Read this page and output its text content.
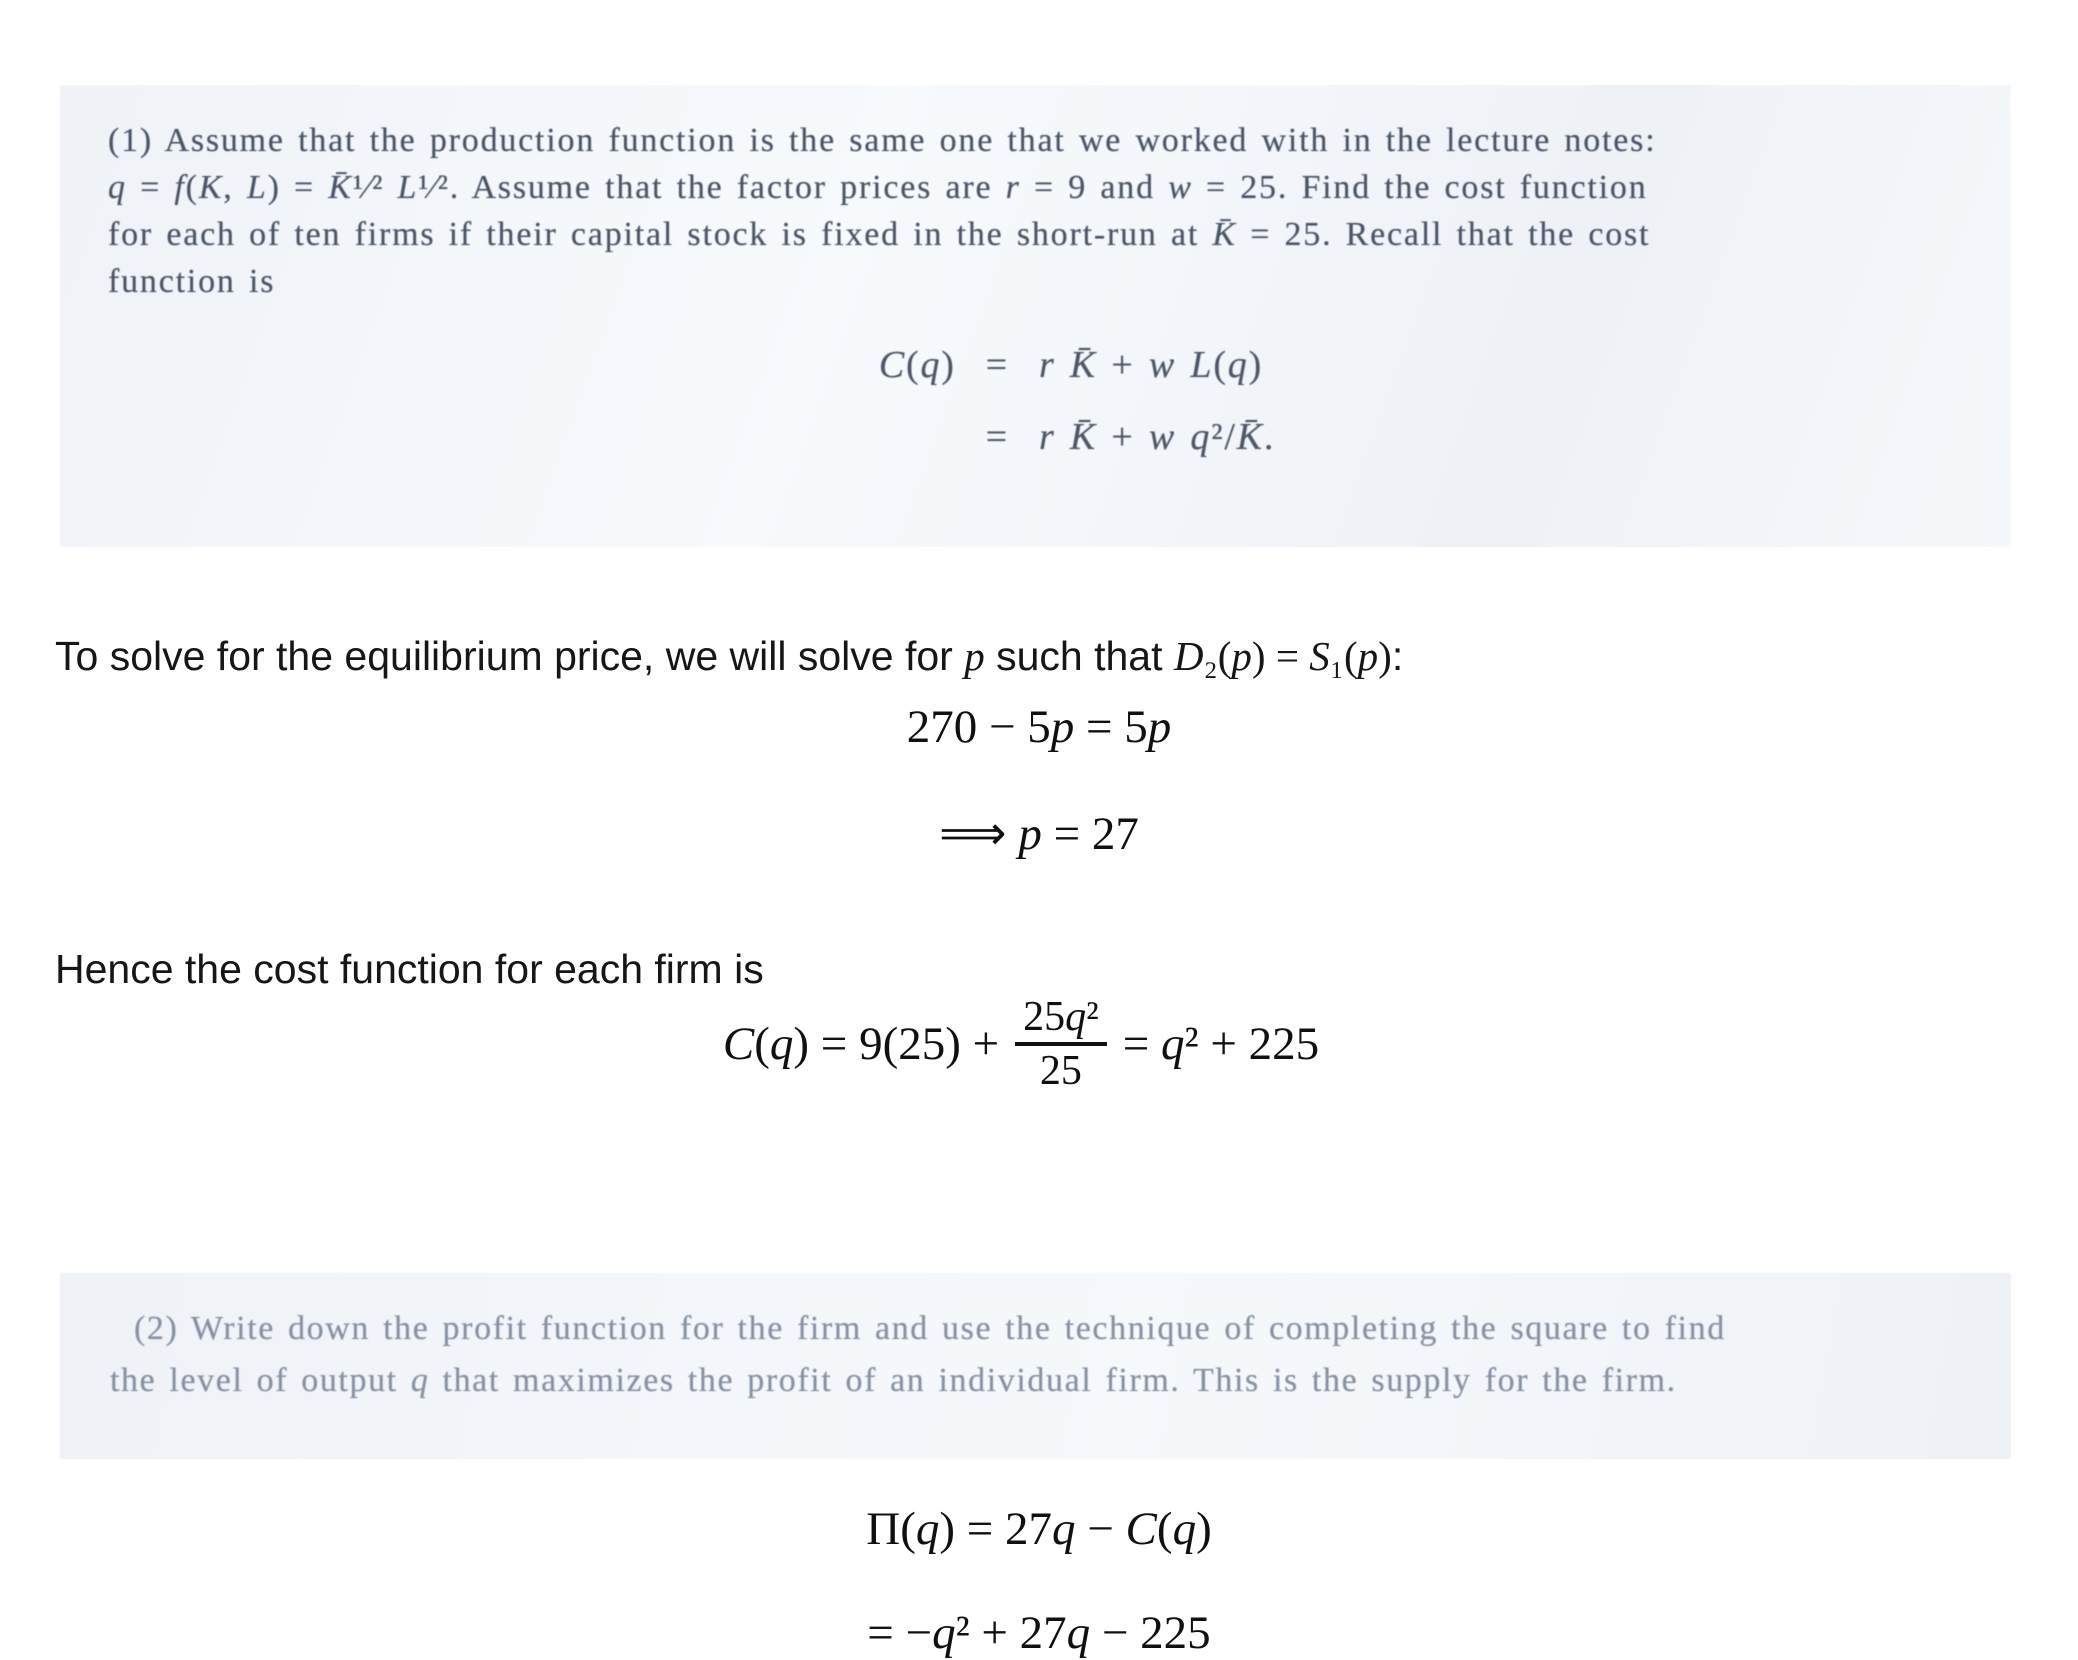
(1) Assume that the production function is the same one that we worked with in the lecture notes:
q = f(K, L) = K̄¹⁄² L¹⁄². Assume that the factor prices are r = 9 and w = 25. Find the cost function
for each of ten firms if their capital stock is fixed in the short-run at K̄ = 25. Recall that the cost
function is
C(q) = r K̄ + w L(q)
= r K̄ + w q²/K̄.

To solve for the equilibrium price, we will solve for p such that D₂(p) = S₁(p):

270 − 5p = 5p
⟹ p = 27

Hence the cost function for each firm is

$C(q) = 9(25) + \frac{\text{25q²}}{25} = q^2 + 225$
(2) Write down the profit function for the firm and use the technique of completing the square to find
the level of output q that maximizes the profit of an individual firm. This is the supply for the firm.
Π(q) = 27q − C(q)
= −q² + 27q − 225
